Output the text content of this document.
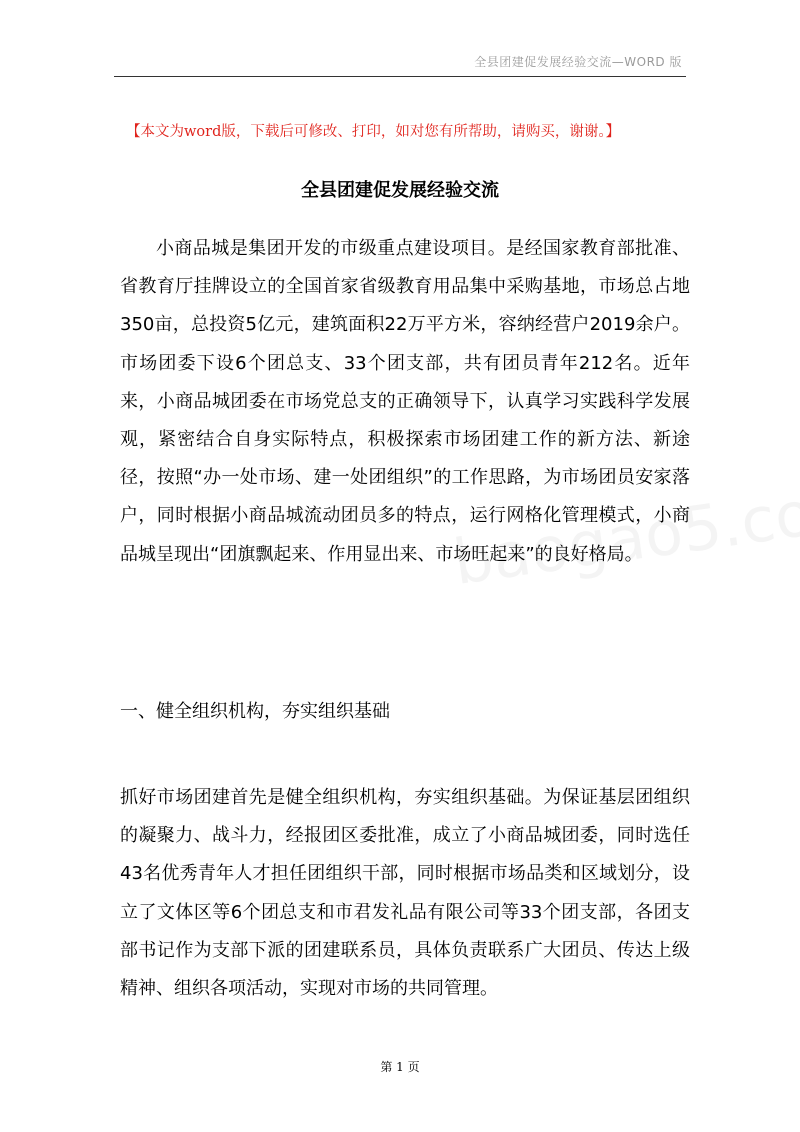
全县团建促发展经验交流—WORD 版
【本文为word版，下载后可修改、打印，如对您有所帮助，请购买，谢谢。】
全县团建促发展经验交流

小商品城是集团开发的市级重点建设项目。是经国家教育部批准、省教育厅挂牌设立的全国首家省级教育用品集中采购基地，市场总占地350亩，总投资5亿元，建筑面积22万平方米，容纳经营户2019余户。市场团委下设6个团总支、33个团支部，共有团员青年212名。近年来，小商品城团委在市场党总支的正确领导下，认真学习实践科学发展观，紧密结合自身实际特点，积极探索市场团建工作的新方法、新途径，按照“办一处市场、建一处团组织”的工作思路，为市场团员安家落户，同时根据小商品城流动团员多的特点，运行网格化管理模式，小商品城呈现出“团旗飘起来、作用显出来、市场旺起来”的良好格局。

一、健全组织机构，夯实组织基础

抓好市场团建首先是健全组织机构，夯实组织基础。为保证基层团组织的凝聚力、战斗力，经报团区委批准，成立了小商品城团委，同时选任43名优秀青年人才担任团组织干部，同时根据市场品类和区域划分，设立了文体区等6个团总支和市君发礼品有限公司等33个团支部，各团支部书记作为支部下派的团建联系员，具体负责联系广大团员、传达上级精神、组织各项活动，实现对市场的共同管理。

第 1 页
